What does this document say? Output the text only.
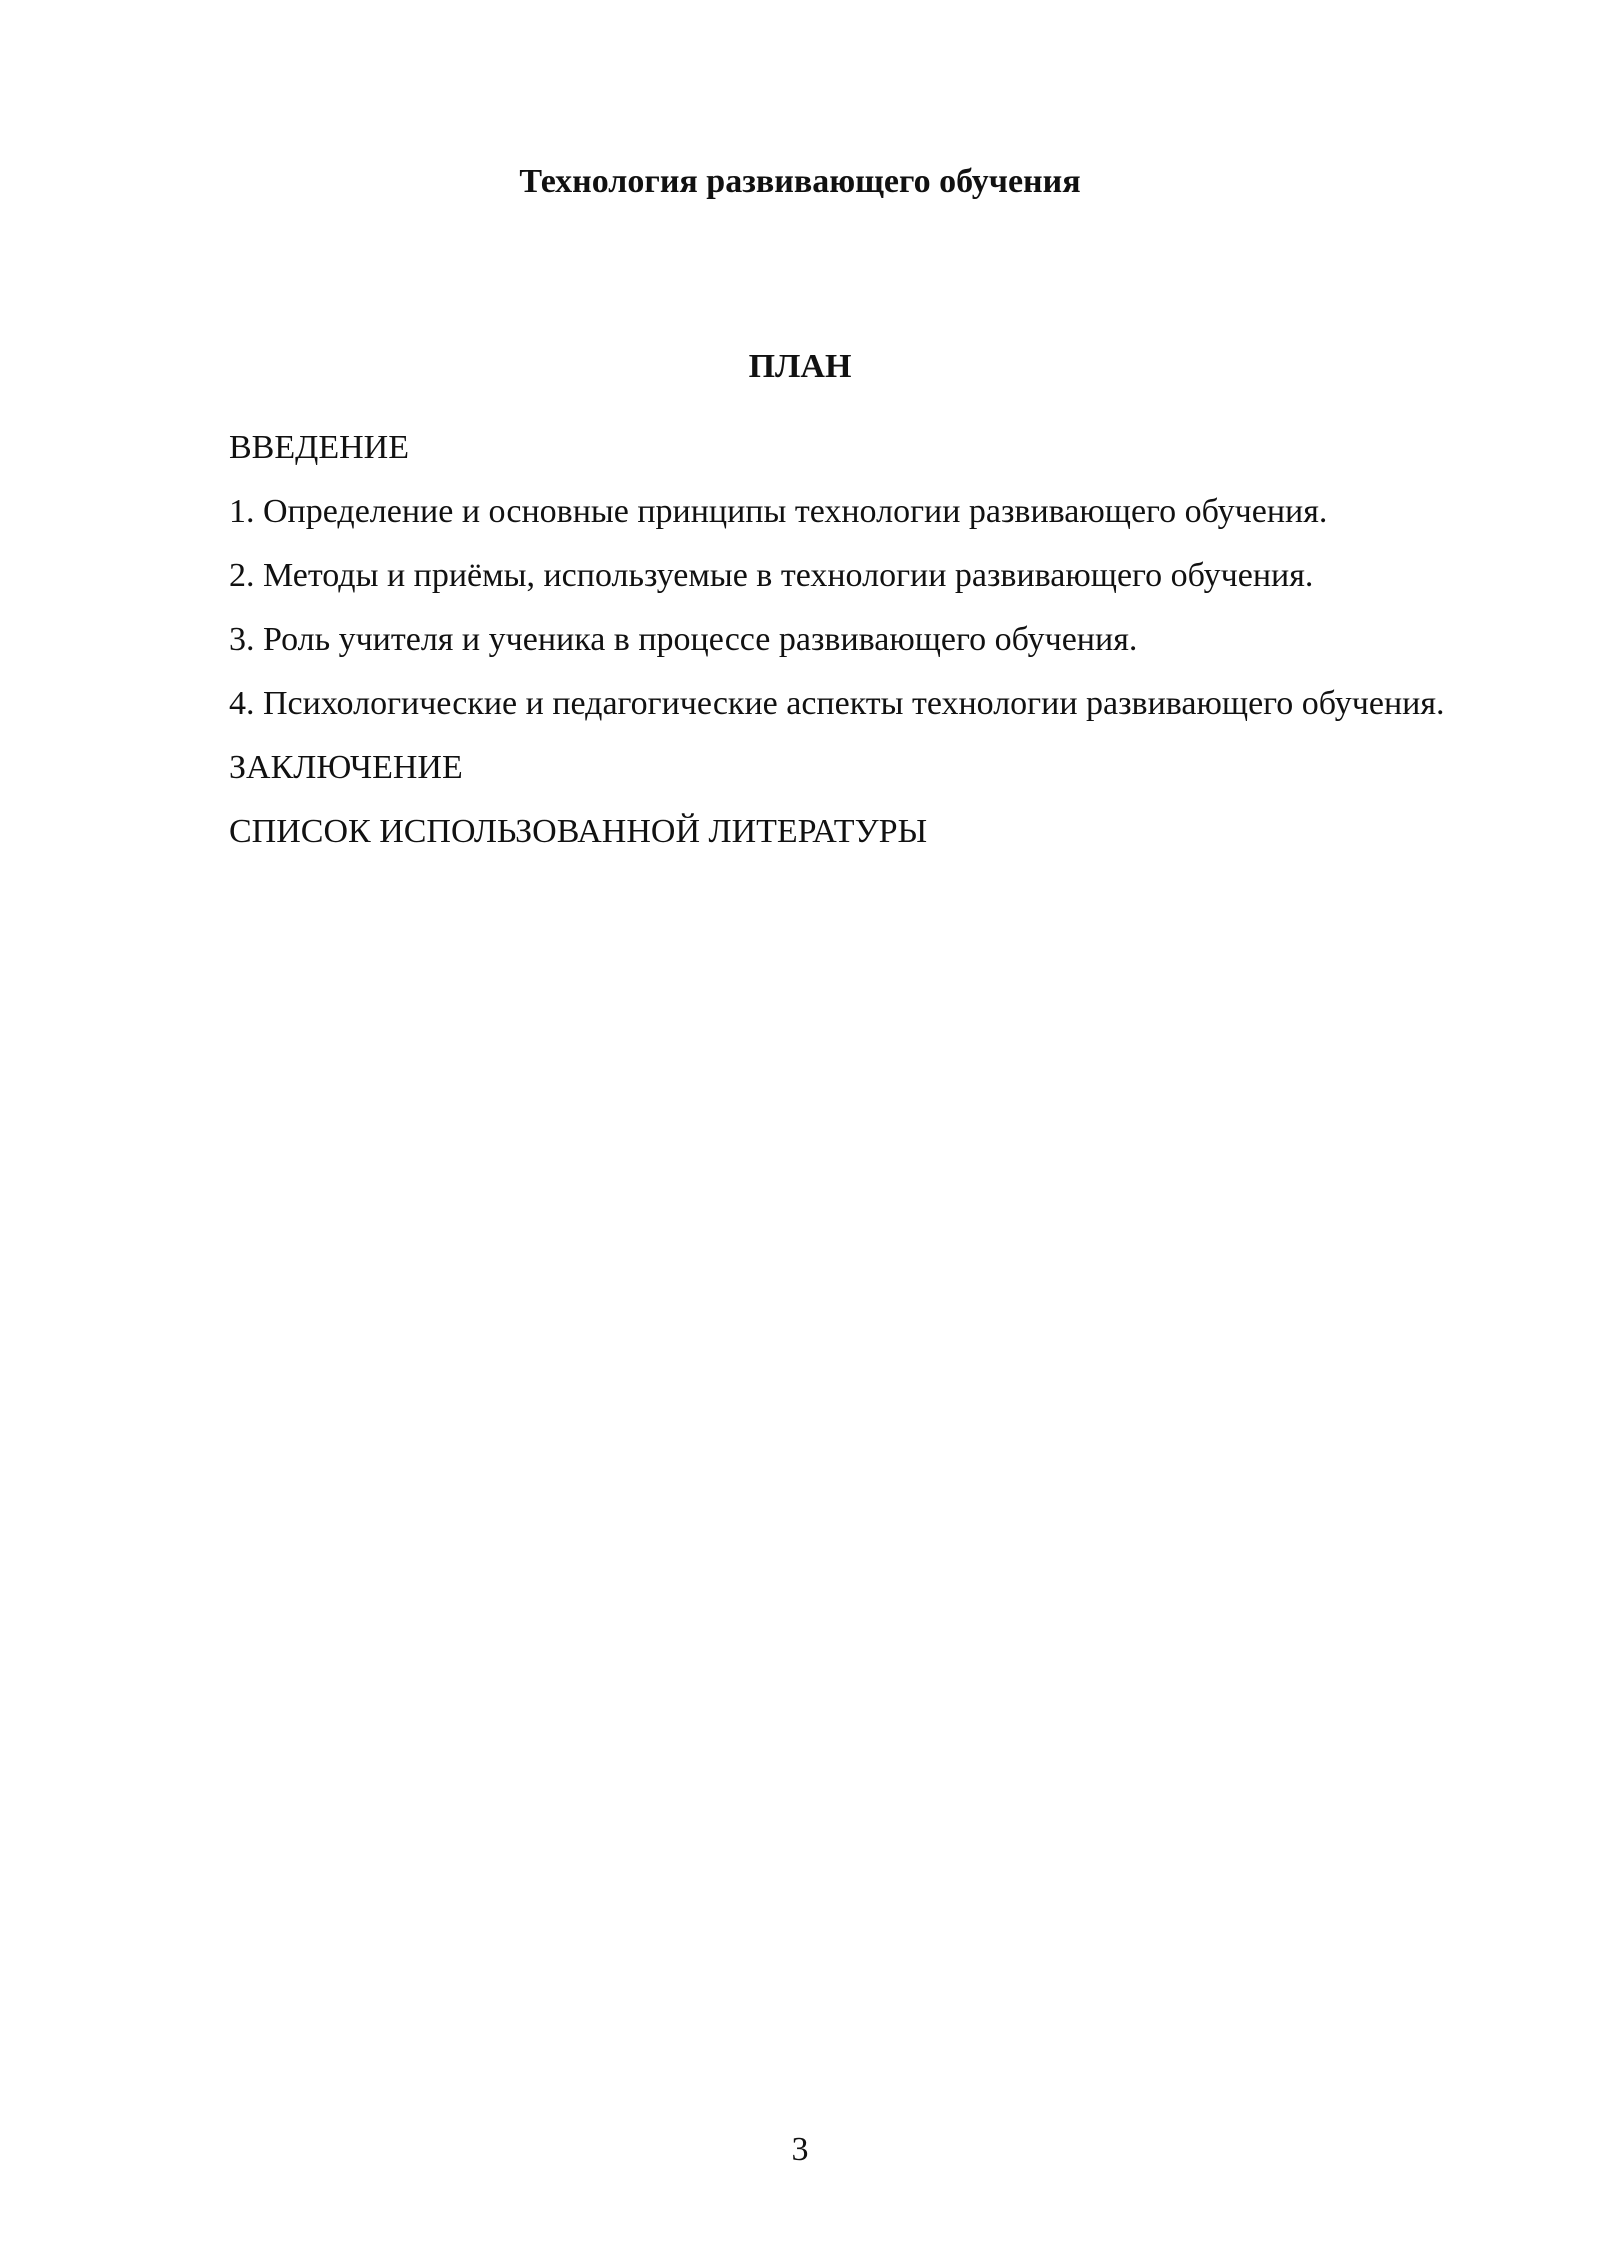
Технология развивающего обучения
ПЛАН
ВВЕДЕНИЕ
1. Определение и основные принципы технологии развивающего обучения.
2. Методы и приёмы, используемые в технологии развивающего обучения.
3. Роль учителя и ученика в процессе развивающего обучения.
4. Психологические и педагогические аспекты технологии развивающего обучения.
ЗАКЛЮЧЕНИЕ
СПИСОК ИСПОЛЬЗОВАННОЙ ЛИТЕРАТУРЫ
3
